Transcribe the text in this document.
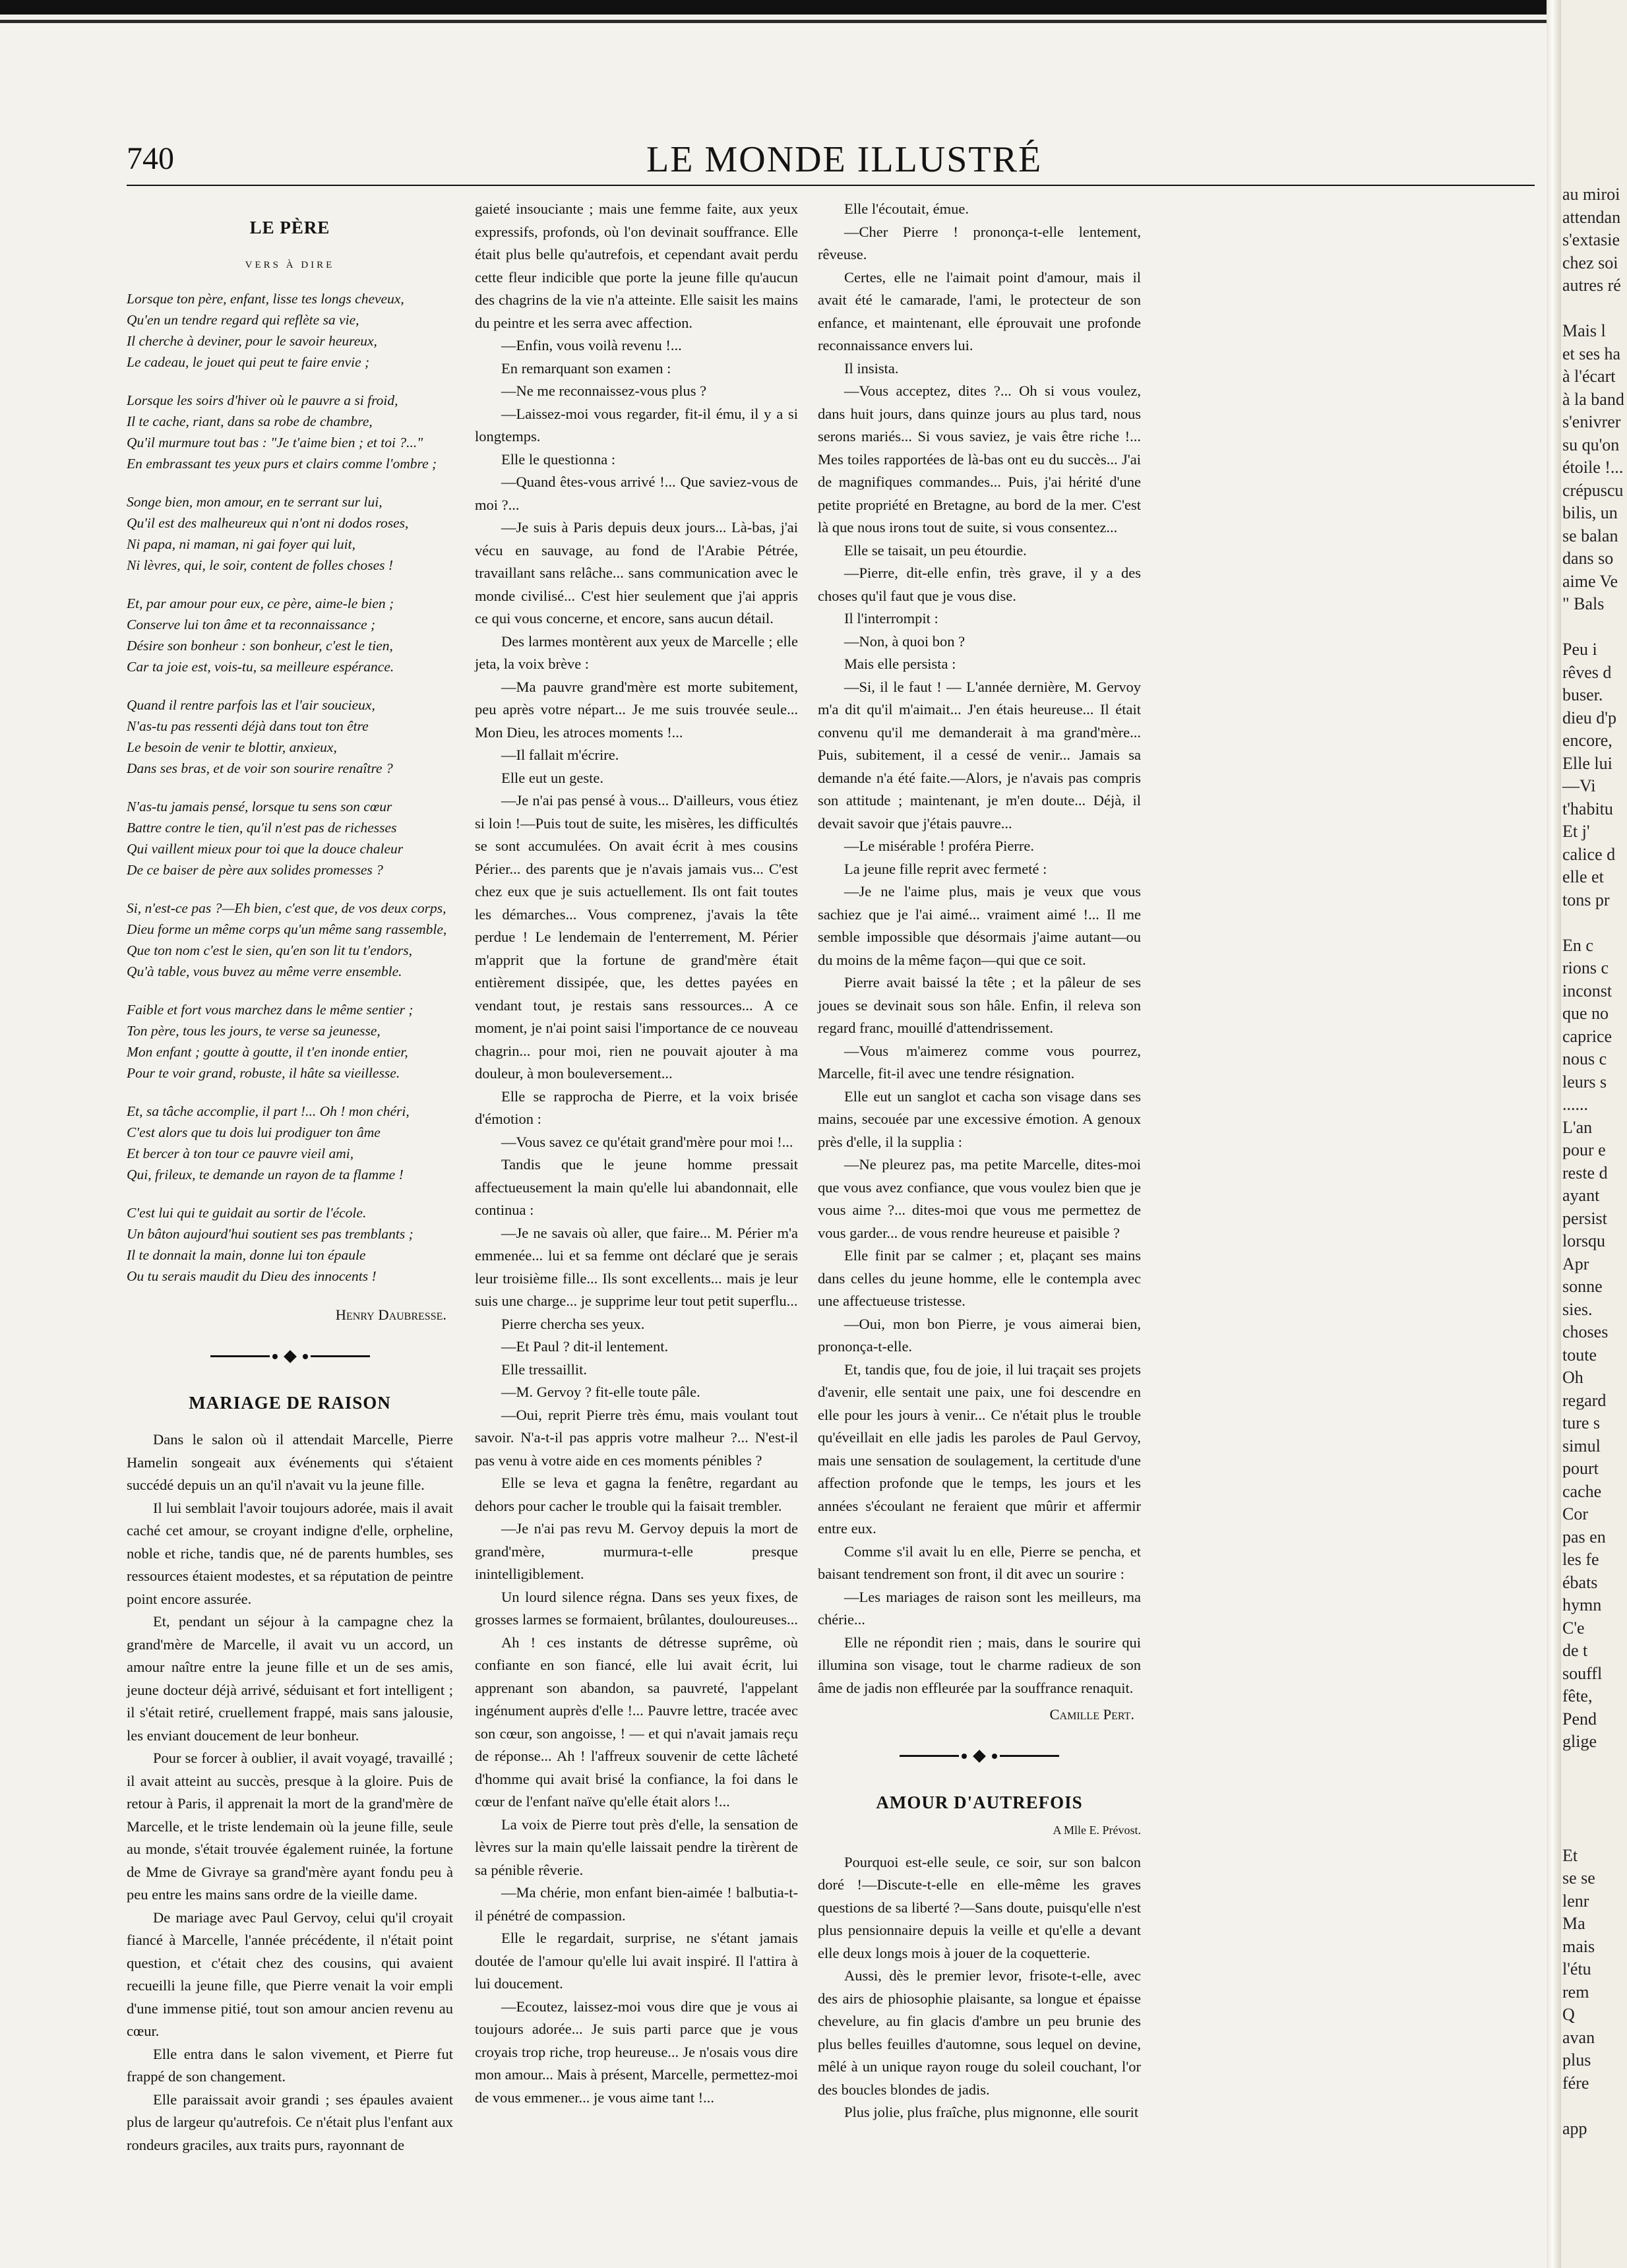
740	LE MONDE ILLUSTRÉ
LE PÈRE
VERS À DIRE
Lorsque ton père, enfant, lisse tes longs cheveux,
Qu'en un tendre regard qui reflète sa vie,
Il cherche à deviner, pour le savoir heureux,
Le cadeau, le jouet qui peut te faire envie ;
Lorsque les soirs d'hiver où le pauvre a si froid,
Il te cache, riant, dans sa robe de chambre,
Qu'il murmure tout bas : "Je t'aime bien ; et toi ?..."
En embrassant tes yeux purs et clairs comme l'ombre ;
Songe bien, mon amour, en te serrant sur lui,
Qu'il est des malheureux qui n'ont ni dodos roses,
Ni papa, ni maman, ni gai foyer qui luit,
Ni lèvres, qui, le soir, content de folles choses !
Et, par amour pour eux, ce père, aime-le bien ;
Conserve lui ton âme et ta reconnaissance ;
Désire son bonheur : son bonheur, c'est le tien,
Car ta joie est, vois-tu, sa meilleure espérance.
Quand il rentre parfois las et l'air soucieux,
N'as-tu pas ressenti déjà dans tout ton être
Le besoin de venir te blottir, anxieux,
Dans ses bras, et de voir son sourire renaître ?
N'as-tu jamais pensé, lorsque tu sens son cœur
Battre contre le tien, qu'il n'est pas de richesses
Qui vaillent mieux pour toi que la douce chaleur
De ce baiser de père aux solides promesses ?
Si, n'est-ce pas ?—Eh bien, c'est que, de vos deux corps,
Dieu forme un même corps qu'un même sang rassemble,
Que ton nom c'est le sien, qu'en son lit tu t'endors,
Qu'à table, vous buvez au même verre ensemble.
Faible et fort vous marchez dans le même sentier ;
Ton père, tous les jours, te verse sa jeunesse,
Mon enfant ; goutte à goutte, il t'en inonde entier,
Pour te voir grand, robuste, il hâte sa vieillesse.
Et, sa tâche accomplie, il part !... Oh ! mon chéri,
C'est alors que tu dois lui prodiguer ton âme
Et bercer à ton tour ce pauvre vieil ami,
Qui, frileux, te demande un rayon de ta flamme !
C'est lui qui te guidait au sortir de l'école.
Un bâton aujourd'hui soutient ses pas tremblants ;
Il te donnait la main, donne lui ton épaule
Ou tu serais maudit du Dieu des innocents !
Henry Daubresse.
MARIAGE DE RAISON

Dans le salon où il attendait Marcelle, Pierre Hamelin songeait aux événements qui s'étaient succédé depuis un an qu'il n'avait vu la jeune fille.

Il lui semblait l'avoir toujours adorée, mais il avait caché cet amour, se croyant indigne d'elle, orpheline, noble et riche, tandis que, né de parents humbles, ses ressources étaient modestes, et sa réputation de peintre point encore assurée.

Et, pendant un séjour à la campagne chez la grand'mère de Marcelle, il avait vu un accord, un amour naître entre la jeune fille et un de ses amis, jeune docteur déjà arrivé, séduisant et fort intelligent ; il s'était retiré, cruellement frappé, mais sans jalousie, les enviant doucement de leur bonheur.

Pour se forcer à oublier, il avait voyagé, travaillé ; il avait atteint au succès, presque à la gloire. Puis de retour à Paris, il apprenait la mort de la grand'mère de Marcelle, et le triste lendemain où la jeune fille, seule au monde, s'était trouvée également ruinée, la fortune de Mme de Givraye sa grand'mère ayant fondu peu à peu entre les mains sans ordre de la vieille dame.

De mariage avec Paul Gervoy, celui qu'il croyait fiancé à Marcelle, l'année précédente, il n'était point question, et c'était chez des cousins, qui avaient recueilli la jeune fille, que Pierre venait la voir empli d'une immense pitié, tout son amour ancien revenu au cœur.

Elle entra dans le salon vivement, et Pierre fut frappé de son changement.

Elle paraissait avoir grandi ; ses épaules avaient plus de largeur qu'autrefois. Ce n'était plus l'enfant aux rondeurs graciles, aux traits purs, rayonnant de

gaieté insouciante ; mais une femme faite, aux yeux expressifs, profonds, où l'on devinait souffrance. Elle était plus belle qu'autrefois, et cependant avait perdu cette fleur indicible que porte la jeune fille qu'aucun des chagrins de la vie n'a atteinte. Elle saisit les mains du peintre et les serra avec affection.

—Enfin, vous voilà revenu !...

En remarquant son examen :

—Ne me reconnaissez-vous plus ?

—Laissez-moi vous regarder, fit-il ému, il y a si longtemps.

Elle le questionna :

—Quand êtes-vous arrivé !... Que saviez-vous de moi ?...

—Je suis à Paris depuis deux jours... Là-bas, j'ai vécu en sauvage, au fond de l'Arabie Pétrée, travaillant sans relâche... sans communication avec le monde civilisé... C'est hier seulement que j'ai appris ce qui vous concerne, et encore, sans aucun détail.

Des larmes montèrent aux yeux de Marcelle ; elle jeta, la voix brève :

—Ma pauvre grand'mère est morte subitement, peu après votre népart... Je me suis trouvée seule... Mon Dieu, les atroces moments !...

—Il fallait m'écrire.

Elle eut un geste.

—Je n'ai pas pensé à vous... D'ailleurs, vous étiez si loin !—Puis tout de suite, les misères, les difficultés se sont accumulées. On avait écrit à mes cousins Périer... des parents que je n'avais jamais vus... C'est chez eux que je suis actuellement. Ils ont fait toutes les démarches... Vous comprenez, j'avais la tête perdue ! Le lendemain de l'enterrement, M. Périer m'apprit que la fortune de grand'mère était entièrement dissipée, que, les dettes payées en vendant tout, je restais sans ressources... A ce moment, je n'ai point saisi l'importance de ce nouveau chagrin... pour moi, rien ne pouvait ajouter à ma douleur, à mon bouleversement...

Elle se rapprocha de Pierre, et la voix brisée d'émotion :

—Vous savez ce qu'était grand'mère pour moi !...

Tandis que le jeune homme pressait affectueusement la main qu'elle lui abandonnait, elle continua :

—Je ne savais où aller, que faire... M. Périer m'a emmenée... lui et sa femme ont déclaré que je serais leur troisième fille... Ils sont excellents... mais je leur suis une charge... je supprime leur tout petit superflu...

Pierre chercha ses yeux.

—Et Paul ? dit-il lentement.

Elle tressaillit.

—M. Gervoy ? fit-elle toute pâle.

—Oui, reprit Pierre très ému, mais voulant tout savoir. N'a-t-il pas appris votre malheur ?... N'est-il pas venu à votre aide en ces moments pénibles ?

Elle se leva et gagna la fenêtre, regardant au dehors pour cacher le trouble qui la faisait trembler.

—Je n'ai pas revu M. Gervoy depuis la mort de grand'mère, murmura-t-elle presque inintelligiblement.

Un lourd silence régna. Dans ses yeux fixes, de grosses larmes se formaient, brûlantes, douloureuses...

Ah ! ces instants de détresse suprême, où confiante en son fiancé, elle lui avait écrit, lui apprenant son abandon, sa pauvreté, l'appelant ingénument auprès d'elle !... Pauvre lettre, tracée avec son cœur, son angoisse, ! — et qui n'avait jamais reçu de réponse... Ah ! l'affreux souvenir de cette lâcheté d'homme qui avait brisé la confiance, la foi dans le cœur de l'enfant naïve qu'elle était alors !...

La voix de Pierre tout près d'elle, la sensation de lèvres sur la main qu'elle laissait pendre la tirèrent de sa pénible rêverie.

—Ma chérie, mon enfant bien-aimée ! balbutia-t-il pénétré de compassion.

Elle le regardait, surprise, ne s'étant jamais doutée de l'amour qu'elle lui avait inspiré. Il l'attira à lui doucement.

—Ecoutez, laissez-moi vous dire que je vous ai toujours adorée... Je suis parti parce que je vous croyais trop riche, trop heureuse... Je n'osais vous dire mon amour... Mais à présent, Marcelle, permettez-moi de vous emmener... je vous aime tant !...

Elle l'écoutait, émue.

—Cher Pierre ! prononça-t-elle lentement, rêveuse.

Certes, elle ne l'aimait point d'amour, mais il avait été le camarade, l'ami, le protecteur de son enfance, et maintenant, elle éprouvait une profonde reconnaissance envers lui.

Il insista.

—Vous acceptez, dites ?... Oh si vous voulez, dans huit jours, dans quinze jours au plus tard, nous serons mariés... Si vous saviez, je vais être riche !... Mes toiles rapportées de là-bas ont eu du succès... J'ai de magnifiques commandes... Puis, j'ai hérité d'une petite propriété en Bretagne, au bord de la mer. C'est là que nous irons tout de suite, si vous consentez...

Elle se taisait, un peu étourdie.

—Pierre, dit-elle enfin, très grave, il y a des choses qu'il faut que je vous dise.

Il l'interrompit :

—Non, à quoi bon ?

Mais elle persista :

—Si, il le faut ! — L'année dernière, M. Gervoy m'a dit qu'il m'aimait... J'en étais heureuse... Il était convenu qu'il me demanderait à ma grand'mère... Puis, subitement, il a cessé de venir... Jamais sa demande n'a été faite.—Alors, je n'avais pas compris son attitude ; maintenant, je m'en doute... Déjà, il devait savoir que j'étais pauvre...

—Le misérable ! proféra Pierre.

La jeune fille reprit avec fermeté :

—Je ne l'aime plus, mais je veux que vous sachiez que je l'ai aimé... vraiment aimé !... Il me semble impossible que désormais j'aime autant—ou du moins de la même façon—qui que ce soit.

Pierre avait baissé la tête ; et la pâleur de ses joues se devinait sous son hâle. Enfin, il releva son regard franc, mouillé d'attendrissement.

—Vous m'aimerez comme vous pourrez, Marcelle, fit-il avec une tendre résignation.

Elle eut un sanglot et cacha son visage dans ses mains, secouée par une excessive émotion. A genoux près d'elle, il la supplia :

—Ne pleurez pas, ma petite Marcelle, dites-moi que vous avez confiance, que vous voulez bien que je vous aime ?... dites-moi que vous me permettez de vous garder... de vous rendre heureuse et paisible ?

Elle finit par se calmer ; et, plaçant ses mains dans celles du jeune homme, elle le contempla avec une affectueuse tristesse.

—Oui, mon bon Pierre, je vous aimerai bien, prononça-t-elle.

Et, tandis que, fou de joie, il lui traçait ses projets d'avenir, elle sentait une paix, une foi descendre en elle pour les jours à venir... Ce n'était plus le trouble qu'éveillait en elle jadis les paroles de Paul Gervoy, mais une sensation de soulagement, la certitude d'une affection profonde que le temps, les jours et les années s'écoulant ne feraient que mûrir et affermir entre eux.

Comme s'il avait lu en elle, Pierre se pencha, et baisant tendrement son front, il dit avec un sourire :

—Les mariages de raison sont les meilleurs, ma chérie...

Elle ne répondit rien ; mais, dans le sourire qui illumina son visage, tout le charme radieux de son âme de jadis non effleurée par la souffrance renaquit.

Camille Pert.
AMOUR D'AUTREFOIS
A Mlle E. Prévost.

Pourquoi est-elle seule, ce soir, sur son balcon doré !—Discute-t-elle en elle-même les graves questions de sa liberté ?—Sans doute, puisqu'elle n'est plus pensionnaire depuis la veille et qu'elle a devant elle deux longs mois à jouer de la coquetterie.

Aussi, dès le premier levor, frisote-t-elle, avec des airs de phiosophie plaisante, sa longue et épaisse chevelure, au fin glacis d'ambre un peu brunie des plus belles feuilles d'automne, sous lequel on devine, mêlé à un unique rayon rouge du soleil couchant, l'or des boucles blondes de jadis.

Plus jolie, plus fraîche, plus mignonne, elle sourit

au miroi
attendan
s'extasie
chez soi
autres ré
Mais l
et ses ha
à l'écart
à la band
s'enivrer
su qu'on
étoile !...
crépuscu
bilis, un
se balan
dans so
aime Ve
" Bals
Peu i
rêves d
buser.
dieu d'p
encore,
Elle lui
—Vi
t'habitu
Et j'
calice d
elle et
tons pr
En c
rions c
inconst
que no
caprice
nous c
leurs s
......
L'an
pour e
reste d
ayant
persist
lorsqu
Apr
sonne
sies.
choses
toute
Oh
regard
ture s
simul
pourt
cache
Cor
pas en
les fe
ébats
hymn
C'e
de t
souffl
fête,
Pend
glige
Et
se se
lenr
Ma
mais
l'étu
rem
Q
avan
plus
fére
app
